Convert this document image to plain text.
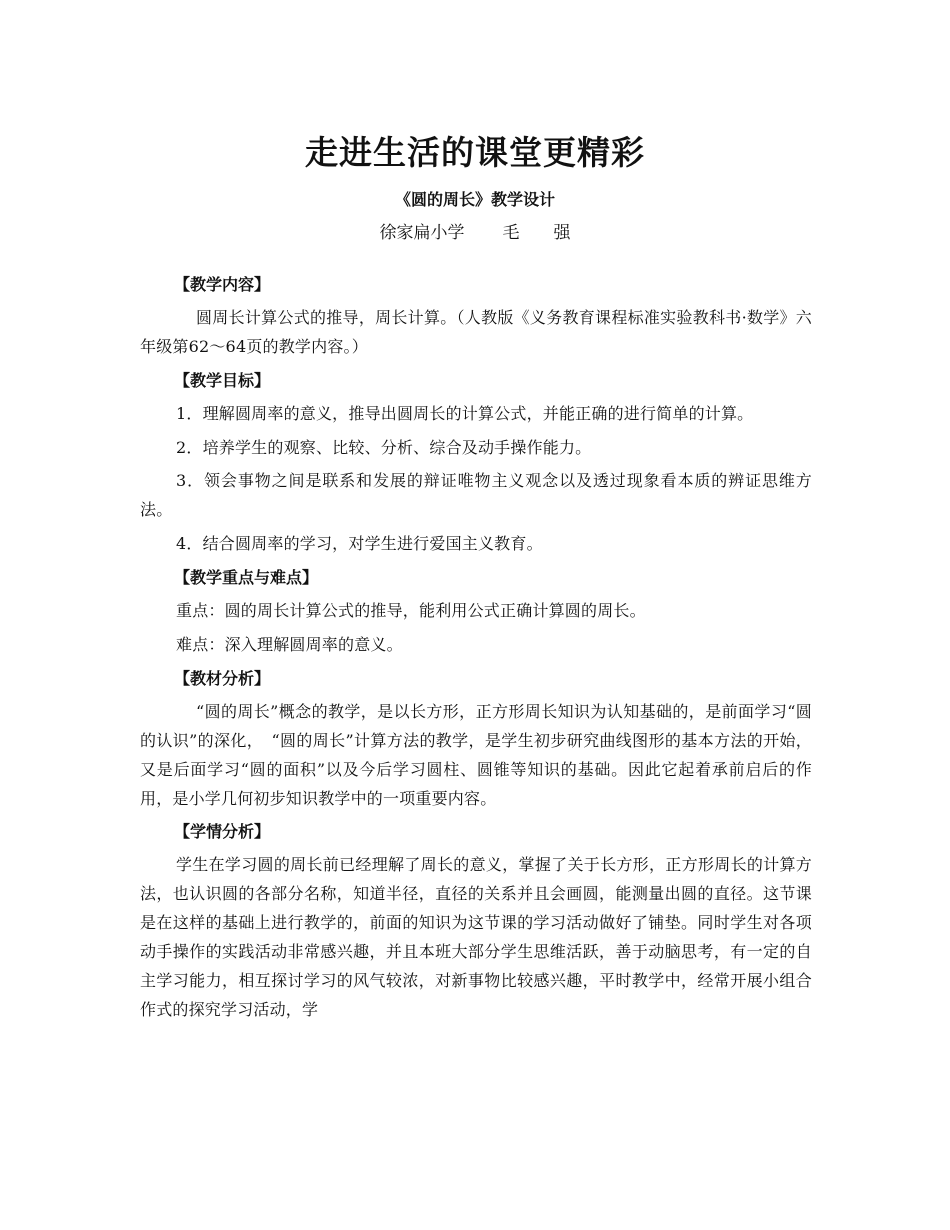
走进生活的课堂更精彩
《圆的周长》教学设计
徐家扁小学 毛 强
【教学内容】

圆周长计算公式的推导，周长计算。（人教版《义务教育课程标准实验教科书·数学》六年级第62～64页的教学内容。）

【教学目标】

1．理解圆周率的意义，推导出圆周长的计算公式，并能正确的进行简单的计算。

2．培养学生的观察、比较、分析、综合及动手操作能力。

3．领会事物之间是联系和发展的辩证唯物主义观念以及透过现象看本质的辨证思维方法。

4．结合圆周率的学习，对学生进行爱国主义教育。

【教学重点与难点】

重点：圆的周长计算公式的推导，能利用公式正确计算圆的周长。

难点：深入理解圆周率的意义。

【教材分析】

“圆的周长”概念的教学，是以长方形，正方形周长知识为认知基础的，是前面学习“圆的认识”的深化，　“圆的周长”计算方法的教学，是学生初步研究曲线图形的基本方法的开始，又是后面学习“圆的面积”以及今后学习圆柱、圆锥等知识的基础。因此它起着承前启后的作用，是小学几何初步知识教学中的一项重要内容。

【学情分析】

学生在学习圆的周长前已经理解了周长的意义，掌握了关于长方形，正方形周长的计算方法，也认识圆的各部分名称，知道半径，直径的关系并且会画圆，能测量出圆的直径。这节课是在这样的基础上进行教学的，前面的知识为这节课的学习活动做好了铺垫。同时学生对各项动手操作的实践活动非常感兴趣，并且本班大部分学生思维活跃，善于动脑思考，有一定的自主学习能力，相互探讨学习的风气较浓，对新事物比较感兴趣，平时教学中，经常开展小组合作式的探究学习活动，学
